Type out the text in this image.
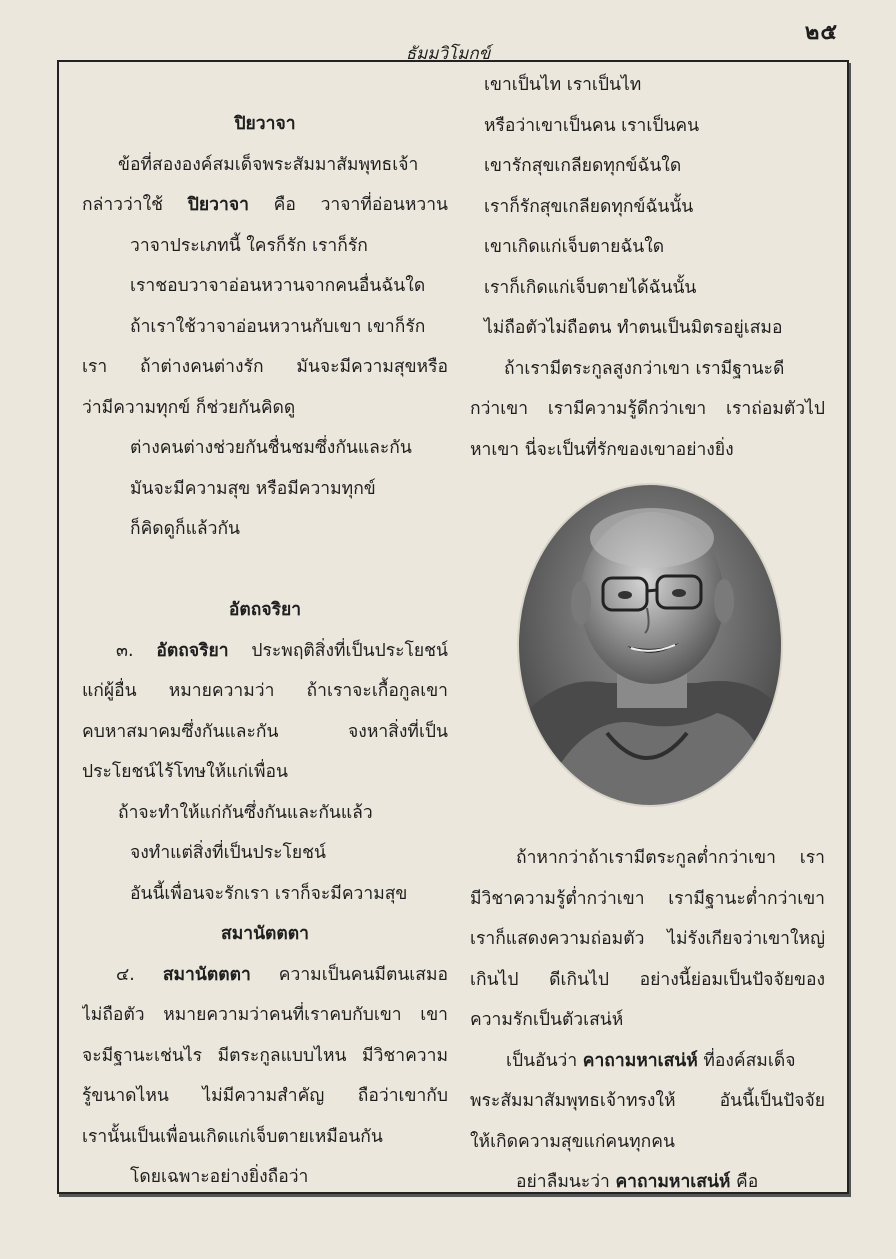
๒๕
ธัมมวิโมกข์
ปิยวาจา
ข้อที่สององค์สมเด็จพระสัมมาสัมพุทธเจ้า
กล่าวว่าใช้ ปิยวาจา คือ วาจาที่อ่อนหวาน
วาจาประเภทนี้ ใครก็รัก เราก็รัก
เราชอบวาจาอ่อนหวานจากคนอื่นฉันใด
ถ้าเราใช้วาจาอ่อนหวานกับเขา เขาก็รัก
เรา ถ้าต่างคนต่างรัก มันจะมีความสุขหรือ
ว่ามีความทุกข์ ก็ช่วยกันคิดดู
ต่างคนต่างช่วยกันชื่นชมซึ่งกันและกัน
มันจะมีความสุข หรือมีความทุกข์
ก็คิดดูก็แล้วกัน
อัตถจริยา
๓. อัตถจริยา ประพฤติสิ่งที่เป็นประโยชน์
แก่ผู้อื่น หมายความว่า ถ้าเราจะเกื้อกูลเขา
คบหาสมาคมซึ่งกันและกัน จงหาสิ่งที่เป็น
ประโยชน์ไร้โทษให้แก่เพื่อน
ถ้าจะทำให้แก่กันซึ่งกันและกันแล้ว
จงทำแต่สิ่งที่เป็นประโยชน์
อันนี้เพื่อนจะรักเรา เราก็จะมีความสุข
สมานัตตตา
๔. สมานัตตตา ความเป็นคนมีตนเสมอ
ไม่ถือตัว หมายความว่าคนที่เราคบกับเขา เขา
จะมีฐานะเช่นไร มีตระกูลแบบไหน มีวิชาความ
รู้ขนาดไหน ไม่มีความสำคัญ ถือว่าเขากับ
เรานั้นเป็นเพื่อนเกิดแก่เจ็บตายเหมือนกัน
โดยเฉพาะอย่างยิ่งถือว่า
เขาเป็นไท เราเป็นไท
หรือว่าเขาเป็นคน เราเป็นคน
เขารักสุขเกลียดทุกข์ฉันใด
เราก็รักสุขเกลียดทุกข์ฉันนั้น
เขาเกิดแก่เจ็บตายฉันใด
เราก็เกิดแก่เจ็บตายได้ฉันนั้น
ไม่ถือตัวไม่ถือตน ทำตนเป็นมิตรอยู่เสมอ
ถ้าเรามีตระกูลสูงกว่าเขา เรามีฐานะดี
กว่าเขา เรามีความรู้ดีกว่าเขา เราถ่อมตัวไป
หาเขา นี่จะเป็นที่รักของเขาอย่างยิ่ง
ถ้าหากว่าถ้าเรามีตระกูลต่ำกว่าเขา เรา
มีวิชาความรู้ต่ำกว่าเขา เรามีฐานะต่ำกว่าเขา
เราก็แสดงความถ่อมตัว ไม่รังเกียจว่าเขาใหญ่
เกินไป ดีเกินไป อย่างนี้ย่อมเป็นปัจจัยของ
ความรักเป็นตัวเสน่ห์
เป็นอันว่า คาถามหาเสน่ห์ ที่องค์สมเด็จ
พระสัมมาสัมพุทธเจ้าทรงให้ อันนี้เป็นปัจจัย
ให้เกิดความสุขแก่คนทุกคน
อย่าลืมนะว่า คาถามหาเสน่ห์ คือ
